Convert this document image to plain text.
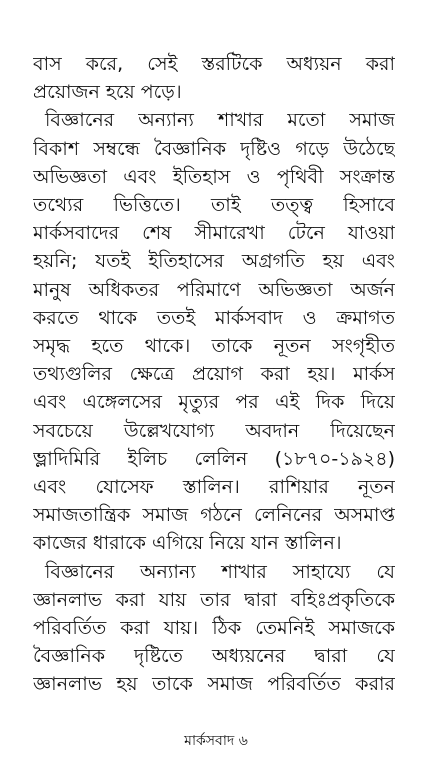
বাস করে, সেই স্তরটিকে অধ্যয়ন করা
প্রয়োজন হয়ে পড়ে।
বিজ্ঞানের অন্যান্য শাখার মতো সমাজ
বিকাশ সম্বন্ধে বৈজ্ঞানিক দৃষ্টিও গড়ে উঠেছে
অভিজ্ঞতা এবং ইতিহাস ও পৃথিবী সংক্রান্ত
তথ্যের ভিত্তিতে। তাই তত্ত্ব হিসাবে
মার্কসবাদের শেষ সীমারেখা টেনে যাওয়া
হয়নি; যতই ইতিহাসের অগ্রগতি হয় এবং
মানুষ অধিকতর পরিমাণে অভিজ্ঞতা অর্জন
করতে থাকে ততই মার্কসবাদ ও ক্রমাগত
সমৃদ্ধ হতে থাকে। তাকে নূতন সংগৃহীত
তথ্যগুলির ক্ষেত্রে প্রয়োগ করা হয়। মার্কস
এবং এঙ্গেলসের মৃত্যুর পর এই দিক দিয়ে
সবচেয়ে উল্লেখযোগ্য অবদান দিয়েছেন
ভ্লাদিমিরি ইলিচ লেলিন (১৮৭০-১৯২৪)
এবং যোসেফ স্তালিন। রাশিয়ার নূতন
সমাজতান্ত্রিক সমাজ গঠনে লেনিনের অসমাপ্ত
কাজের ধারাকে এগিয়ে নিয়ে যান স্তালিন।
বিজ্ঞানের অন্যান্য শাখার সাহায্যে যে
জ্ঞানলাভ করা যায় তার দ্বারা বহিঃপ্রকৃতিকে
পরিবর্তিত করা যায়। ঠিক তেমনিই সমাজকে
বৈজ্ঞানিক দৃষ্টিতে অধ্যয়নের দ্বারা যে
জ্ঞানলাভ হয় তাকে সমাজ পরিবর্তিত করার
মার্কসবাদ ৬
